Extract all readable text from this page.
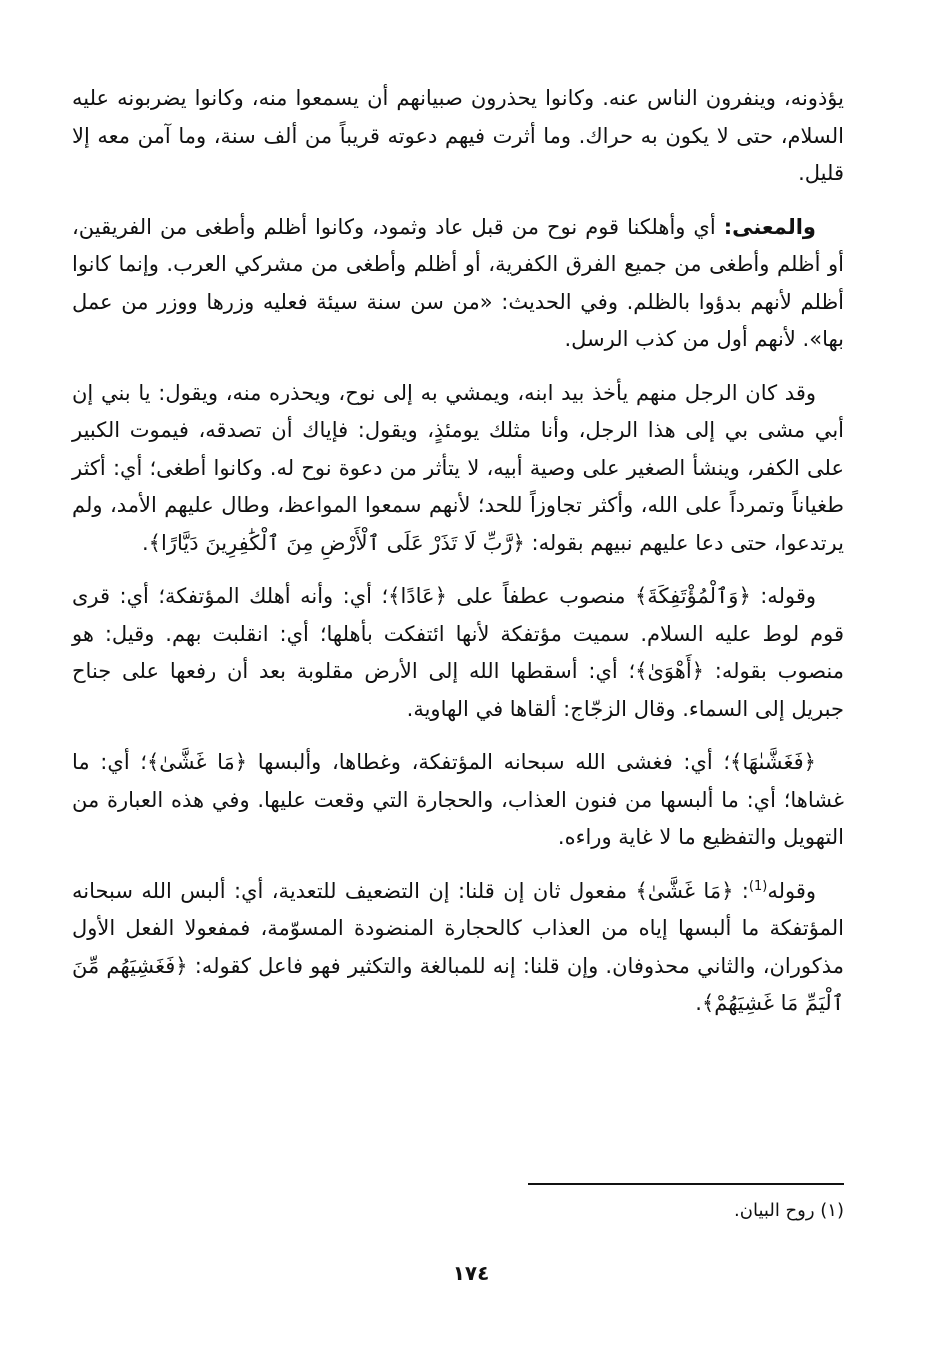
يؤذونه، وينفرون الناس عنه. وكانوا يحذرون صبيانهم أن يسمعوا منه، وكانوا يضربونه عليه السلام، حتى لا يكون به حراك. وما أثرت فيهم دعوته قريباً من ألف سنة، وما آمن معه إلا قليل.

والمعنى: أي وأهلكنا قوم نوح من قبل عاد وثمود، وكانوا أظلم وأطغى من الفريقين، أو أظلم وأطغى من جميع الفرق الكفرية، أو أظلم وأطغى من مشركي العرب. وإنما كانوا أظلم لأنهم بدؤوا بالظلم. وفي الحديث: «من سن سنة سيئة فعليه وزرها ووزر من عمل بها». لأنهم أول من كذب الرسل.

وقد كان الرجل منهم يأخذ بيد ابنه، ويمشي به إلى نوح، ويحذره منه، ويقول: يا بني إن أبي مشى بي إلى هذا الرجل، وأنا مثلك يومئذٍ، ويقول: فإياك أن تصدقه، فيموت الكبير على الكفر، وينشأ الصغير على وصية أبيه، لا يتأثر من دعوة نوح له. وكانوا أطغى؛ أي: أكثر طغياناً وتمرداً على الله، وأكثر تجاوزاً للحد؛ لأنهم سمعوا المواعظ، وطال عليهم الأمد، ولم يرتدعوا، حتى دعا عليهم نبيهم بقوله: ﴿رَّبِّ لَا تَذَرْ عَلَى ٱلْأَرْضِ مِنَ ٱلْكَٰفِرِينَ دَيَّارًا﴾.

وقوله: ﴿وَٱلْمُؤْتَفِكَةَ﴾ منصوب عطفاً على ﴿عَادًا﴾؛ أي: وأنه أهلك المؤتفكة؛ أي: قرى قوم لوط عليه السلام. سميت مؤتفكة لأنها ائتفكت بأهلها؛ أي: انقلبت بهم. وقيل: هو منصوب بقوله: ﴿أَهْوَىٰ﴾؛ أي: أسقطها الله إلى الأرض مقلوبة بعد أن رفعها على جناح جبريل إلى السماء. وقال الزجّاج: ألقاها في الهاوية.

﴿فَغَشَّىٰهَا﴾؛ أي: فغشى الله سبحانه المؤتفكة، وغطاها، وألبسها ﴿مَا غَشَّىٰ﴾؛ أي: ما غشاها؛ أي: ما ألبسها من فنون العذاب، والحجارة التي وقعت عليها. وفي هذه العبارة من التهويل والتفظيع ما لا غاية وراءه.

وقوله$^{(1)}$: ﴿مَا غَشَّىٰ﴾ مفعول ثان إن قلنا: إن التضعيف للتعدية، أي: ألبس الله سبحانه المؤتفكة ما ألبسها إياه من العذاب كالحجارة المنضودة المسوّمة، فمفعولا الفعل الأول مذكوران، والثاني محذوفان. وإن قلنا: إنه للمبالغة والتكثير فهو فاعل كقوله: ﴿فَغَشِيَهُم مِّنَ ٱلْيَمِّ مَا غَشِيَهُمْ﴾.

(١) روح البيان.
١٧٤
